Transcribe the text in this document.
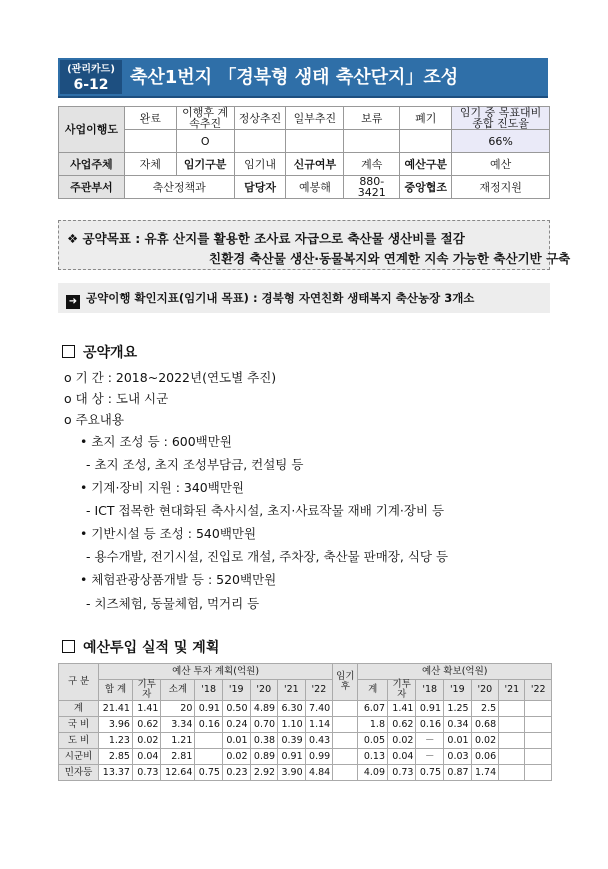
(관리카드)
6-12	축산1번지 「경북형 생태 축산단지」조성
사업이행도	완료	이행후 계속추진	정상추진	일부추진	보류	폐기	임기 중 목표대비 종합 진도율
		O					66%
사업주체	자체	임기구분	임기내	신규여부	계속	예산구분	예산
주관부서	축산정책과		담당자	예봉해	880-3421	중앙협조	재정지원
❖ 공약목표 : 유휴 산지를 활용한 조사료 자급으로 축산물 생산비를 절감
친환경 축산물 생산·동물복지와 연계한 지속 가능한 축산기반 구축
➜ 공약이행 확인지표(임기내 목표) : 경북형 자연친화 생태복지 축산농장 3개소
공약개요
o 기 간 : 2018~2022년(연도별 추진)
o 대 상 : 도내 시군
o 주요내용
• 초지 조성 등 : 600백만원
- 초지 조성, 초지 조성부담금, 컨설팅 등
• 기계·장비 지원 : 340백만원
- ICT 접목한 현대화된 축사시설, 초지·사료작물 재배 기계·장비 등
• 기반시설 등 조성 : 540백만원
- 용수개발, 전기시설, 진입로 개설, 주차장, 축산물 판매장, 식당 등
• 체험관광상품개발 등 : 520백만원
- 치즈체험, 동물체험, 먹거리 등
예산투입 실적 및 계획
구 분	예산 투자 계획(억원)								임기후	예산 확보(억원)						
	합 계	기투자	소계	'18	'19	'20	'21	'22		계	기투자	'18	'19	'20	'21	'22
계	21.41	1.41	20	0.91	0.50	4.89	6.30	7.40		6.07	1.41	0.91	1.25	2.5		
국 비	3.96	0.62	3.34	0.16	0.24	0.70	1.10	1.14		1.8	0.62	0.16	0.34	0.68		
도 비	1.23	0.02	1.21		0.01	0.38	0.39	0.43		0.05	0.02	－	0.01	0.02		
시군비	2.85	0.04	2.81		0.02	0.89	0.91	0.99		0.13	0.04	－	0.03	0.06		
민자등	13.37	0.73	12.64	0.75	0.23	2.92	3.90	4.84		4.09	0.73	0.75	0.87	1.74		
